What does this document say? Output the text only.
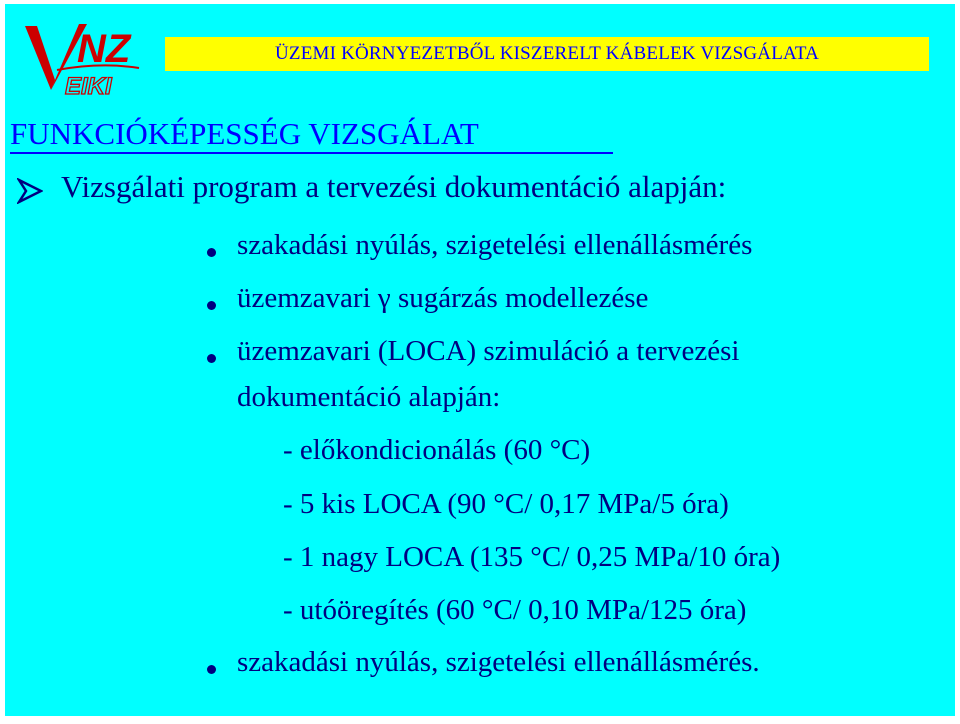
NZ
EIKI
ÜZEMI KÖRNYEZETBŐL KISZERELT KÁBELEK VIZSGÁLATA
FUNKCIÓKÉPESSÉG VIZSGÁLAT
Vizsgálati program a tervezési dokumentáció alapján:
szakadási nyúlás, szigetelési ellenállásmérés
üzemzavari γ sugárzás modellezése
üzemzavari (LOCA) szimuláció a tervezési
dokumentáció alapján:
- előkondicionálás (60 °C)
- 5 kis LOCA (90 °C/ 0,17 MPa/5 óra)
- 1 nagy LOCA (135 °C/ 0,25 MPa/10 óra)
- utóöregítés (60 °C/ 0,10 MPa/125 óra)
szakadási nyúlás, szigetelési ellenállásmérés.
